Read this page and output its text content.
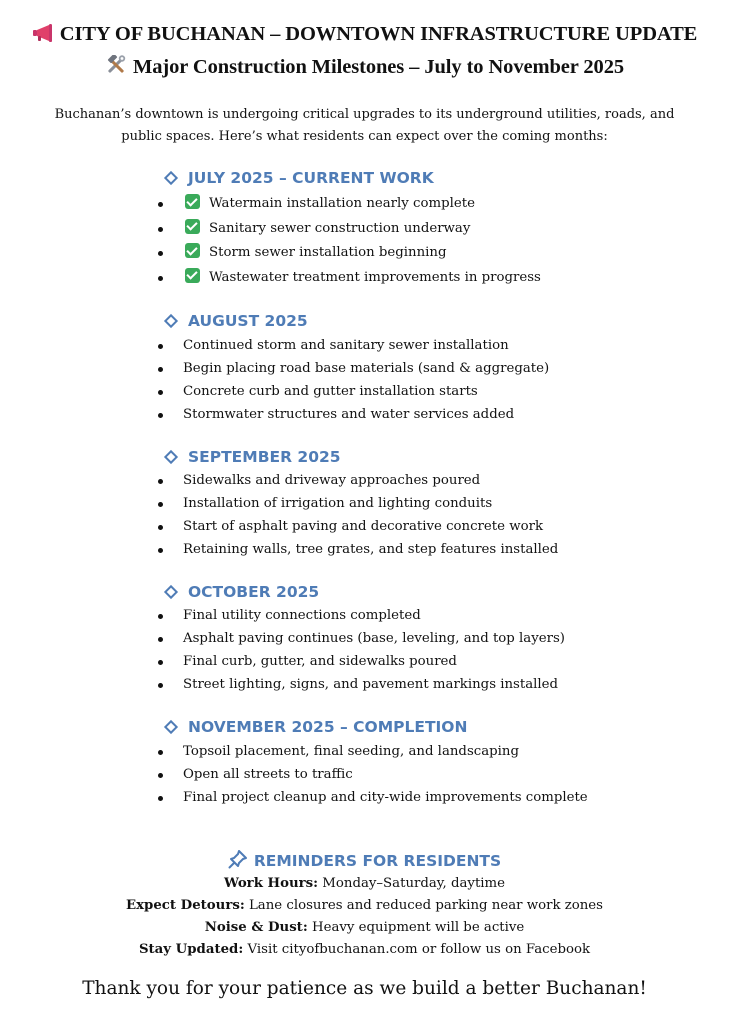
CITY OF BUCHANAN – DOWNTOWN INFRASTRUCTURE UPDATE
Major Construction Milestones – July to November 2025
Buchanan’s downtown is undergoing critical upgrades to its underground utilities, roads, and public spaces. Here’s what residents can expect over the coming months:
JULY 2025 – CURRENT WORK
Watermain installation nearly complete
Sanitary sewer construction underway
Storm sewer installation beginning
Wastewater treatment improvements in progress
AUGUST 2025
Continued storm and sanitary sewer installation
Begin placing road base materials (sand & aggregate)
Concrete curb and gutter installation starts
Stormwater structures and water services added
SEPTEMBER 2025
Sidewalks and driveway approaches poured
Installation of irrigation and lighting conduits
Start of asphalt paving and decorative concrete work
Retaining walls, tree grates, and step features installed
OCTOBER 2025
Final utility connections completed
Asphalt paving continues (base, leveling, and top layers)
Final curb, gutter, and sidewalks poured
Street lighting, signs, and pavement markings installed
NOVEMBER 2025 – COMPLETION
Topsoil placement, final seeding, and landscaping
Open all streets to traffic
Final project cleanup and city-wide improvements complete
REMINDERS FOR RESIDENTS
Work Hours: Monday–Saturday, daytime
Expect Detours: Lane closures and reduced parking near work zones
Noise & Dust: Heavy equipment will be active
Stay Updated: Visit cityofbuchanan.com or follow us on Facebook
Thank you for your patience as we build a better Buchanan!
